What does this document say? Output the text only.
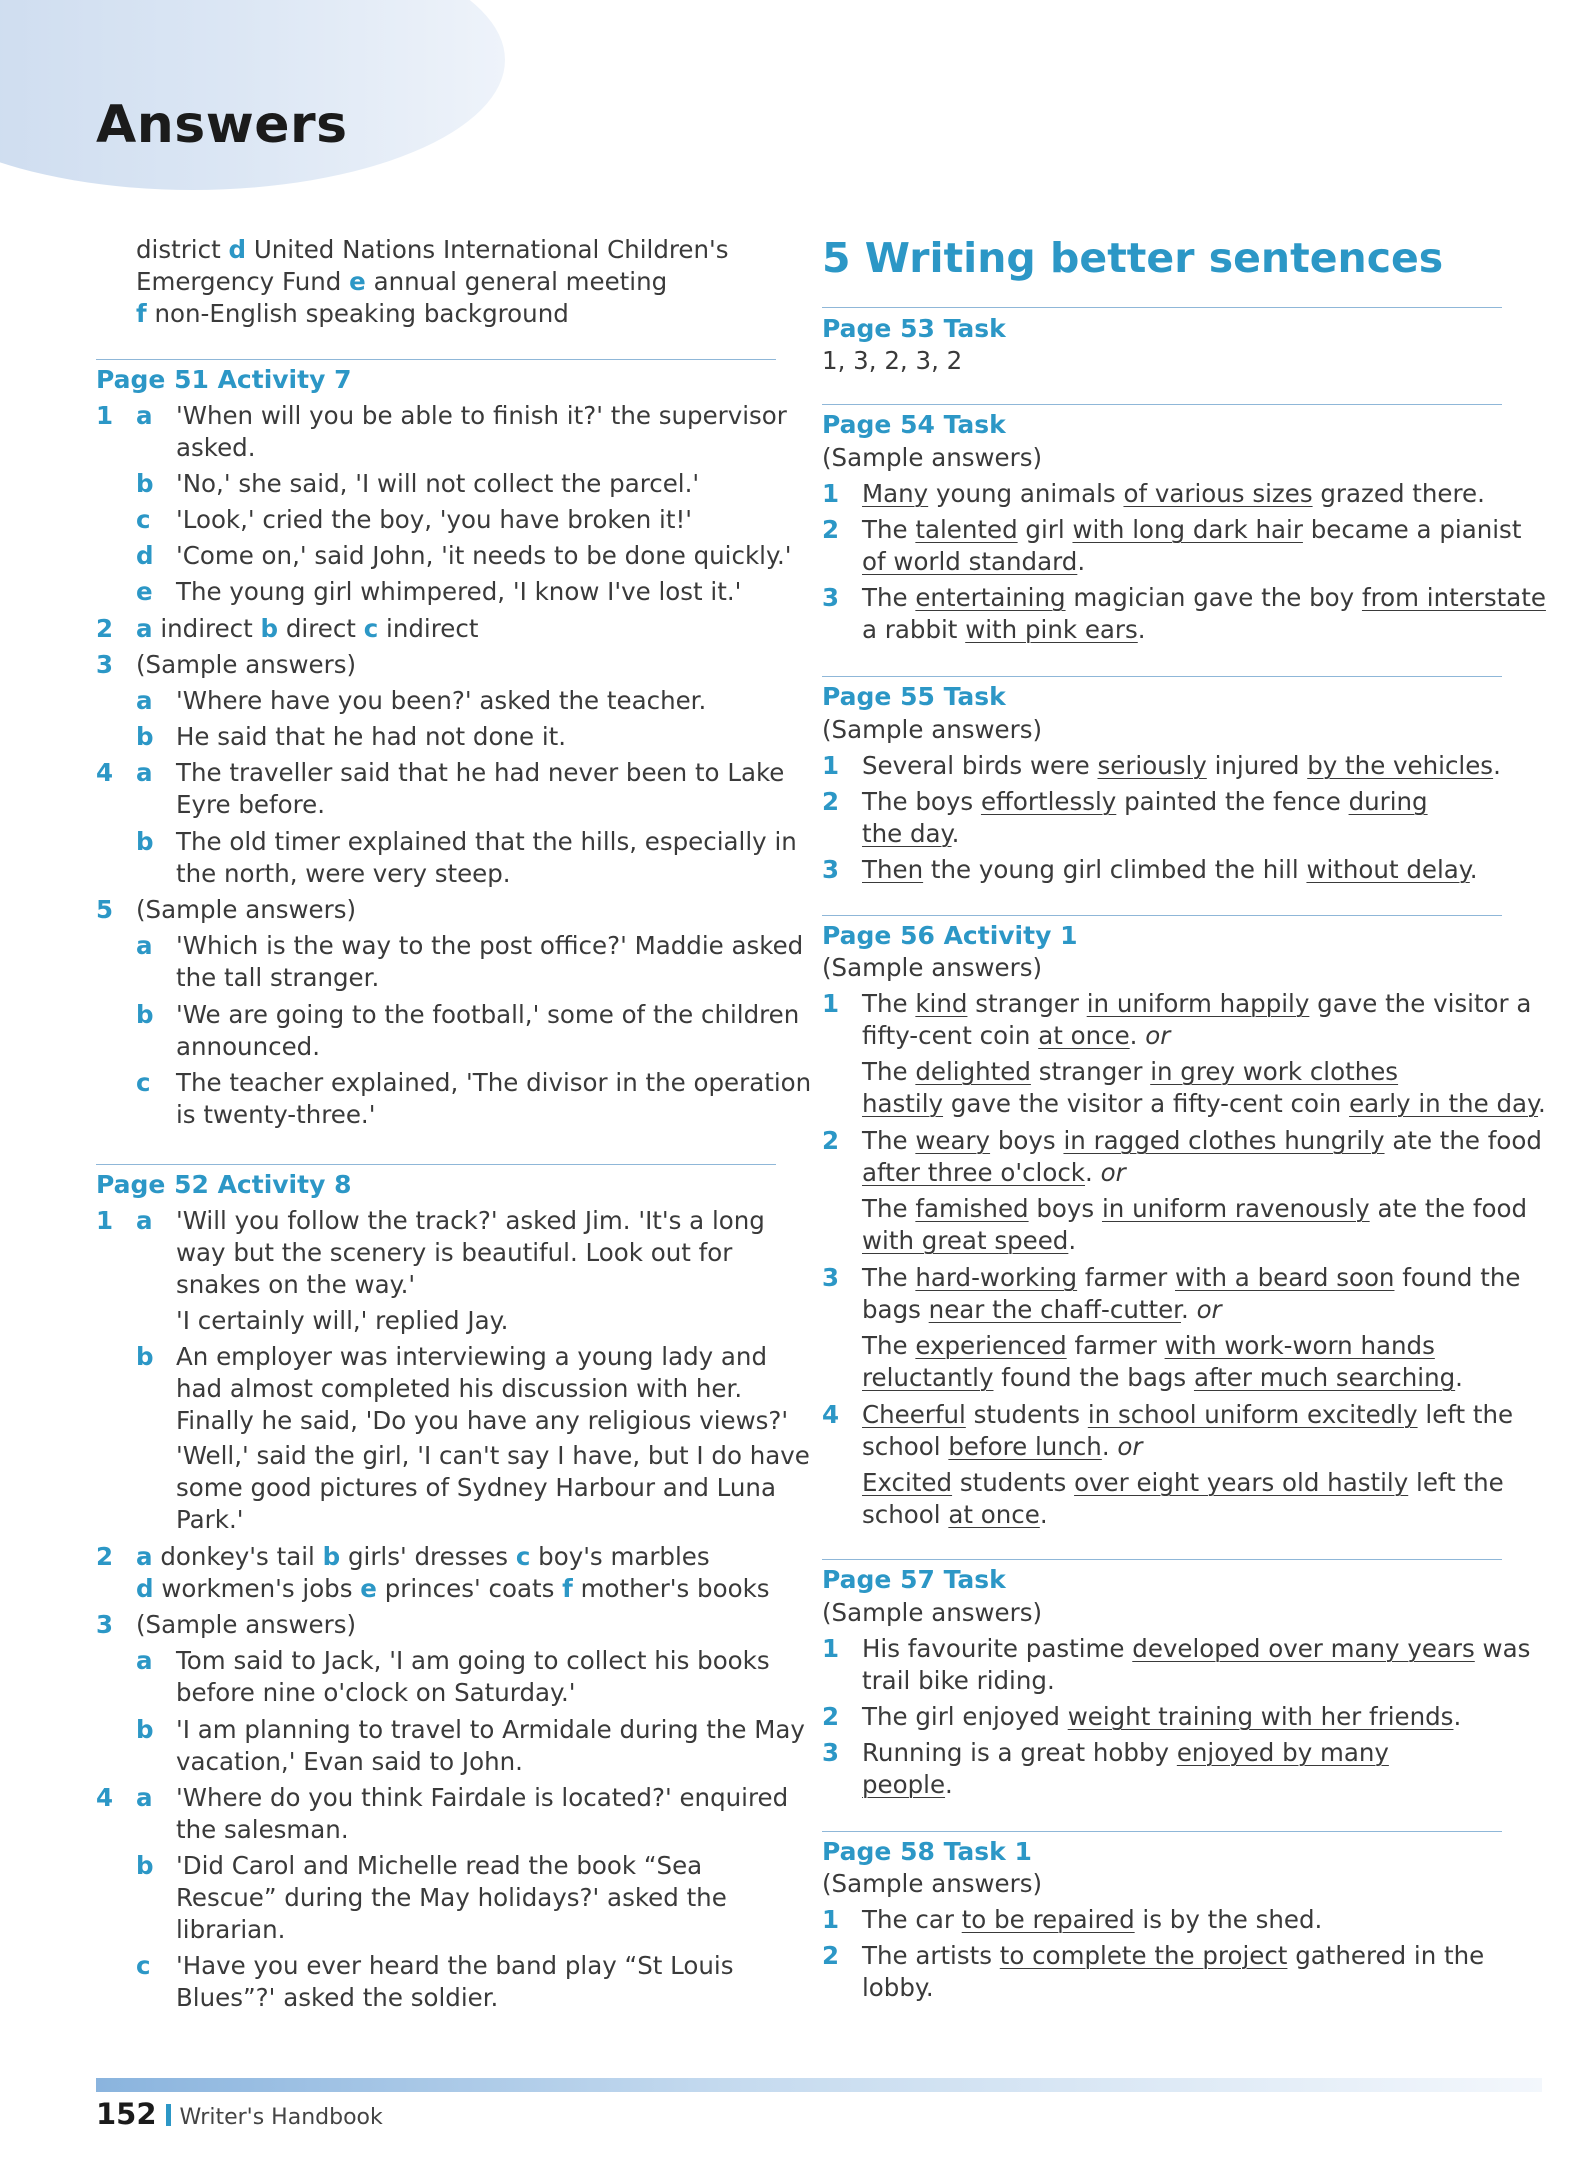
Answers
district d United Nations International Children's
Emergency Fund e annual general meeting
f non-English speaking background
Page 51 Activity 7
1 a 'When will you be able to finish it?' the supervisor
asked.
b 'No,' she said, 'I will not collect the parcel.'
c 'Look,' cried the boy, 'you have broken it!'
d 'Come on,' said John, 'it needs to be done quickly.'
e The young girl whimpered, 'I know I've lost it.'
2 a indirect b direct c indirect
3 (Sample answers)
a 'Where have you been?' asked the teacher.
b He said that he had not done it.
4 a The traveller said that he had never been to Lake
Eyre before.
b The old timer explained that the hills, especially in
the north, were very steep.
5 (Sample answers)
a 'Which is the way to the post office?' Maddie asked
the tall stranger.
b 'We are going to the football,' some of the children
announced.
c The teacher explained, 'The divisor in the operation
is twenty-three.'
Page 52 Activity 8
1 a 'Will you follow the track?' asked Jim. 'It's a long
way but the scenery is beautiful. Look out for
snakes on the way.'
'I certainly will,' replied Jay.
b An employer was interviewing a young lady and
had almost completed his discussion with her.
Finally he said, 'Do you have any religious views?'
'Well,' said the girl, 'I can't say I have, but I do have
some good pictures of Sydney Harbour and Luna
Park.'
2 a donkey's tail b girls' dresses c boy's marbles
d workmen's jobs e princes' coats f mother's books
3 (Sample answers)
a Tom said to Jack, 'I am going to collect his books
before nine o'clock on Saturday.'
b 'I am planning to travel to Armidale during the May
vacation,' Evan said to John.
4 a 'Where do you think Fairdale is located?' enquired
the salesman.
b 'Did Carol and Michelle read the book “Sea
Rescue” during the May holidays?' asked the
librarian.
c 'Have you ever heard the band play “St Louis
Blues”?' asked the soldier.
5 Writing better sentences
Page 53 Task
1, 3, 2, 3, 2
Page 54 Task
(Sample answers)
1 Many young animals of various sizes grazed there.
2 The talented girl with long dark hair became a pianist
of world standard.
3 The entertaining magician gave the boy from interstate
a rabbit with pink ears.
Page 55 Task
(Sample answers)
1 Several birds were seriously injured by the vehicles.
2 The boys effortlessly painted the fence during
the day.
3 Then the young girl climbed the hill without delay.
Page 56 Activity 1
(Sample answers)
1 The kind stranger in uniform happily gave the visitor a
fifty-cent coin at once. or
The delighted stranger in grey work clothes
hastily gave the visitor a fifty-cent coin early in the day.
2 The weary boys in ragged clothes hungrily ate the food
after three o'clock. or
The famished boys in uniform ravenously ate the food
with great speed.
3 The hard-working farmer with a beard soon found the
bags near the chaff-cutter. or
The experienced farmer with work-worn hands
reluctantly found the bags after much searching.
4 Cheerful students in school uniform excitedly left the
school before lunch. or
Excited students over eight years old hastily left the
school at once.
Page 57 Task
(Sample answers)
1 His favourite pastime developed over many years was
trail bike riding.
2 The girl enjoyed weight training with her friends.
3 Running is a great hobby enjoyed by many
people.
Page 58 Task 1
(Sample answers)
1 The car to be repaired is by the shed.
2 The artists to complete the project gathered in the
lobby.
152 Writer's Handbook
